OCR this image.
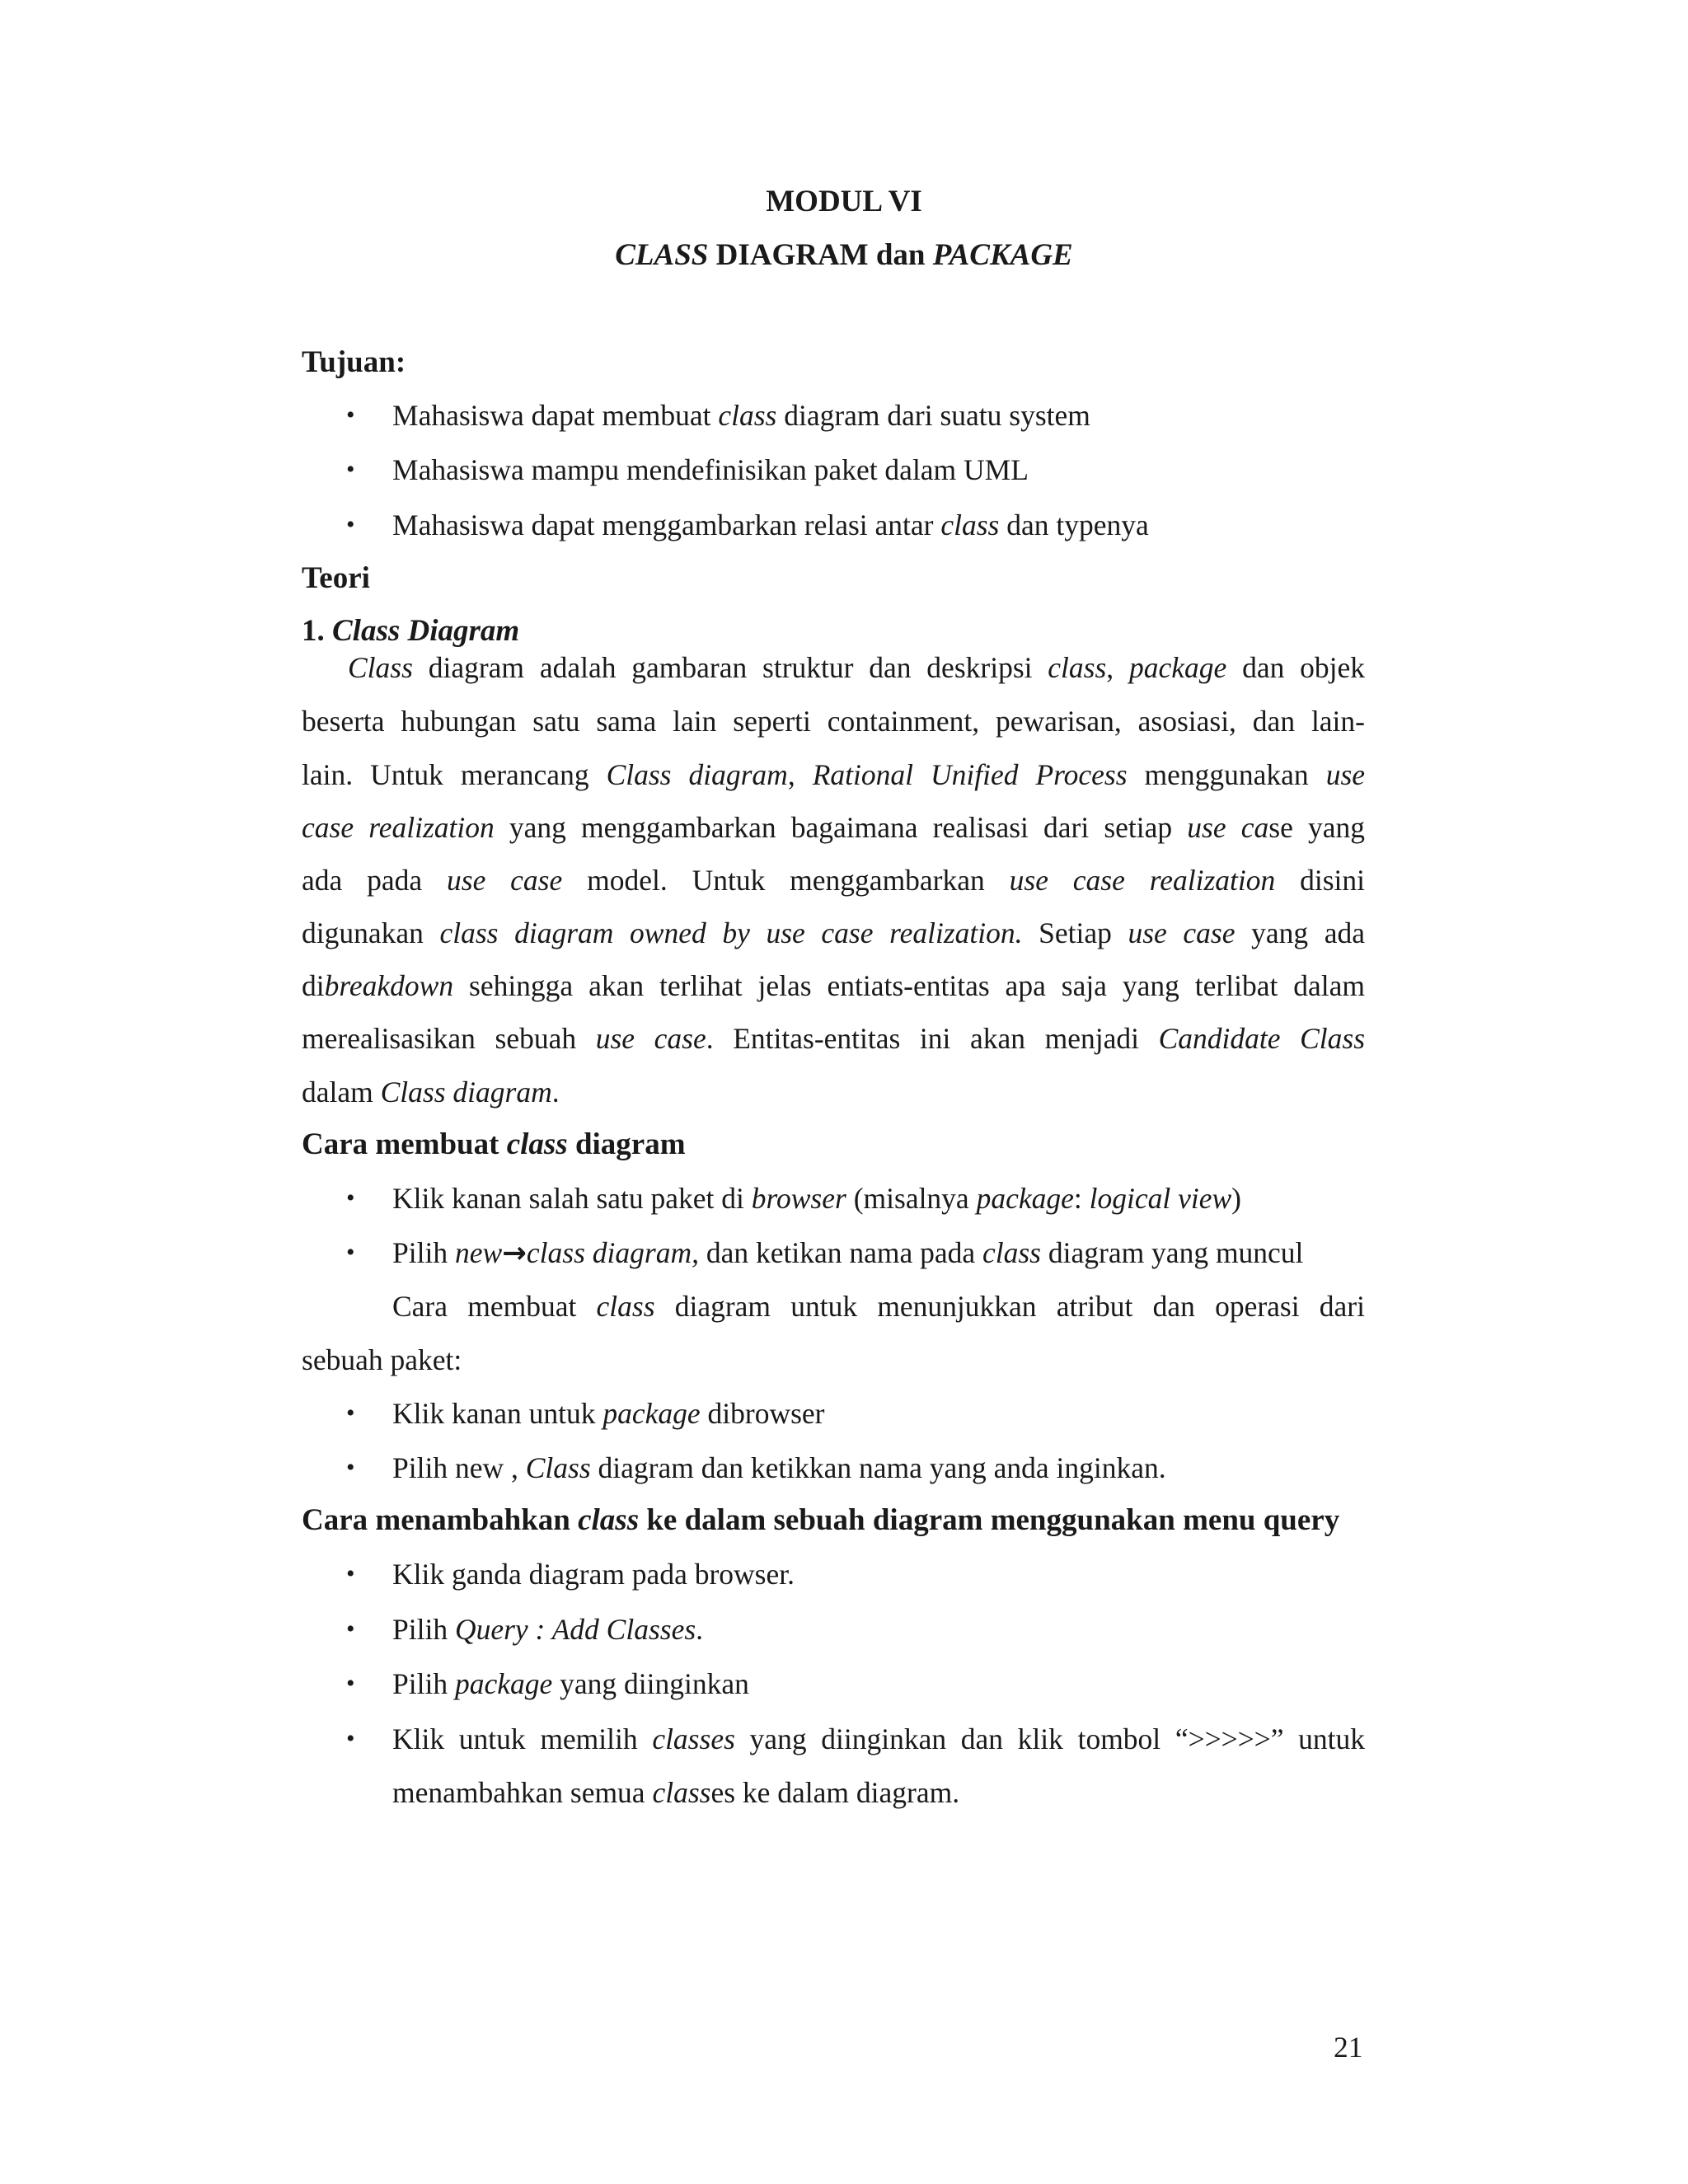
MODUL VI
CLASS DIAGRAM dan PACKAGE
Tujuan:
• Mahasiswa dapat membuat class diagram dari suatu system
• Mahasiswa mampu mendefinisikan paket dalam UML
• Mahasiswa dapat menggambarkan relasi antar class dan typenya
Teori
1. Class Diagram
Class diagram adalah gambaran struktur dan deskripsi class, package dan objek
beserta hubungan satu sama lain seperti containment, pewarisan, asosiasi, dan lain-
lain. Untuk merancang Class diagram, Rational Unified Process menggunakan use
case realization yang menggambarkan bagaimana realisasi dari setiap use case yang
ada pada use case model. Untuk menggambarkan use case realization disini
digunakan class diagram owned by use case realization. Setiap use case yang ada
dibreakdown sehingga akan terlihat jelas entiats-entitas apa saja yang terlibat dalam
merealisasikan sebuah use case. Entitas-entitas ini akan menjadi Candidate Class
dalam Class diagram.
Cara membuat class diagram
• Klik kanan salah satu paket di browser (misalnya package: logical view)
• Pilih new→class diagram, dan ketikan nama pada class diagram yang muncul
Cara membuat class diagram untuk menunjukkan atribut dan operasi dari
sebuah paket:
• Klik kanan untuk package dibrowser
• Pilih new , Class diagram dan ketikkan nama yang anda inginkan.
Cara menambahkan class ke dalam sebuah diagram menggunakan menu query
• Klik ganda diagram pada browser.
• Pilih Query : Add Classes.
• Pilih package yang diinginkan
• Klik untuk memilih classes yang diinginkan dan klik tombol “>>>>>” untuk
menambahkan semua classes ke dalam diagram.
21
